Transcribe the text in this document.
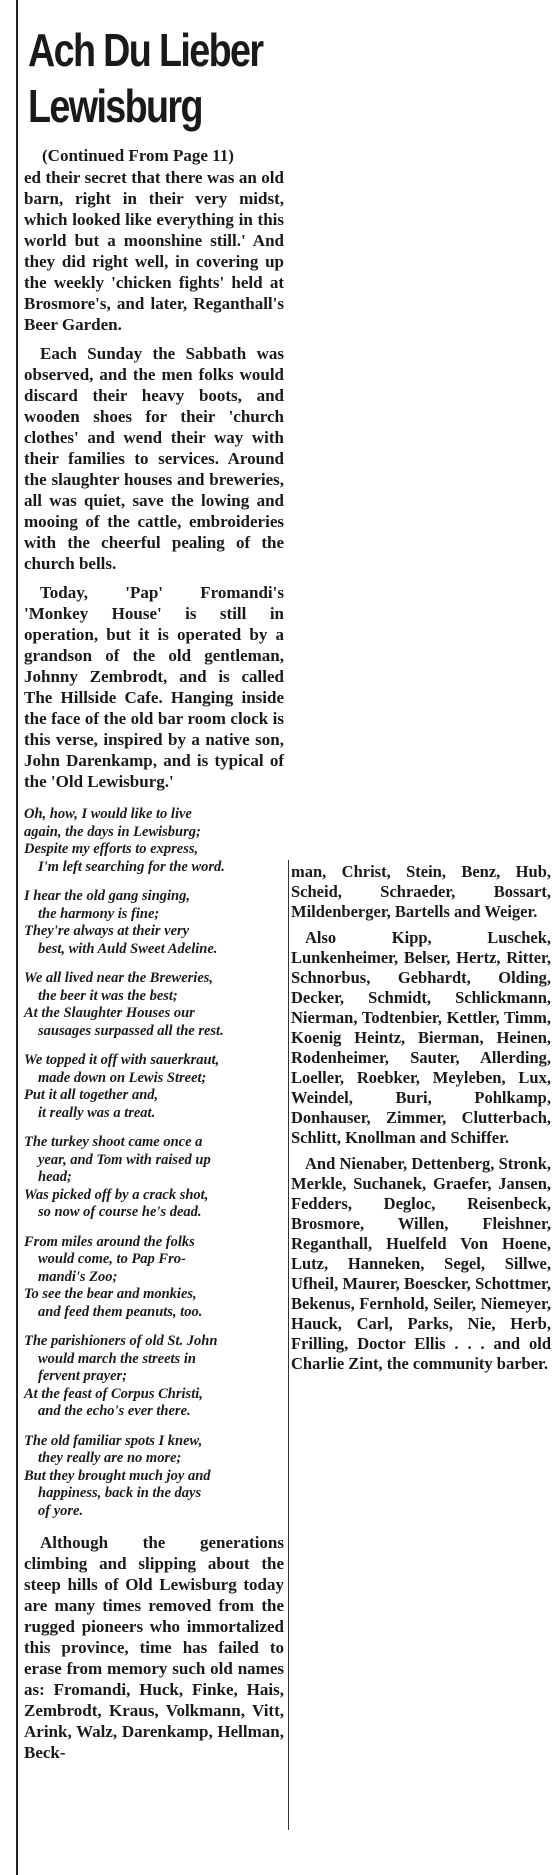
Ach Du Lieber
Lewisburg
(Continued From Page 11)

ed their secret that there was an old barn, right in their very midst, which looked like everything in this world but a moonshine still.' And they did right well, in covering up the weekly 'chicken fights' held at Brosmore's, and later, Reganthall's Beer Garden.

Each Sunday the Sabbath was observed, and the men folks would discard their heavy boots, and wooden shoes for their 'church clothes' and wend their way with their families to services. Around the slaughter houses and breweries, all was quiet, save the lowing and mooing of the cattle, embroideries with the cheerful pealing of the church bells.

Today, 'Pap' Fromandi's 'Monkey House' is still in operation, but it is operated by a grandson of the old gentleman, Johnny Zembrodt, and is called The Hillside Cafe. Hanging inside the face of the old bar room clock is this verse, inspired by a native son, John Darenkamp, and is typical of the 'Old Lewisburg.'

Oh, how, I would like to live
again, the days in Lewisburg;
Despite my efforts to express,
I'm left searching for the word.
I hear the old gang singing,
the harmony is fine;
They're always at their very
best, with Auld Sweet Adeline.
We all lived near the Breweries,
the beer it was the best;
At the Slaughter Houses our
sausages surpassed all the rest.
We topped it off with sauerkraut,
made down on Lewis Street;
Put it all together and,
it really was a treat.
The turkey shoot came once a
year, and Tom with raised up
head;
Was picked off by a crack shot,
so now of course he's dead.
From miles around the folks
would come, to Pap Fro-
mandi's Zoo;
To see the bear and monkies,
and feed them peanuts, too.
The parishioners of old St. John
would march the streets in
fervent prayer;
At the feast of Corpus Christi,
and the echo's ever there.
The old familiar spots I knew,
they really are no more;
But they brought much joy and
happiness, back in the days
of yore.

Although the generations climbing and slipping about the steep hills of Old Lewisburg today are many times removed from the rugged pioneers who immortalized this province, time has failed to erase from memory such old names as: Fromandi, Huck, Finke, Hais, Zembrodt, Kraus, Volkmann, Vitt, Arink, Walz, Darenkamp, Hellman, Beck-

man, Christ, Stein, Benz, Hub, Scheid, Schraeder, Bossart, Mildenberger, Bartells and Weiger.

Also Kipp, Luschek, Lunkenheimer, Belser, Hertz, Ritter, Schnorbus, Gebhardt, Olding, Decker, Schmidt, Schlickmann, Nierman, Todtenbier, Kettler, Timm, Koenig Heintz, Bierman, Heinen, Rodenheimer, Sauter, Allerding, Loeller, Roebker, Meyleben, Lux, Weindel, Buri, Pohlkamp, Donhauser, Zimmer, Clutterbach, Schlitt, Knollman and Schiffer.

And Nienaber, Dettenberg, Stronk, Merkle, Suchanek, Graefer, Jansen, Fedders, Degloc, Reisenbeck, Brosmore, Willen, Fleishner, Reganthall, Huelfeld Von Hoene, Lutz, Hanneken, Segel, Sillwe, Ufheil, Maurer, Boescker, Schottmer, Bekenus, Fernhold, Seiler, Niemeyer, Hauck, Carl, Parks, Nie, Herb, Frilling, Doctor Ellis . . . and old Charlie Zint, the community barber.
